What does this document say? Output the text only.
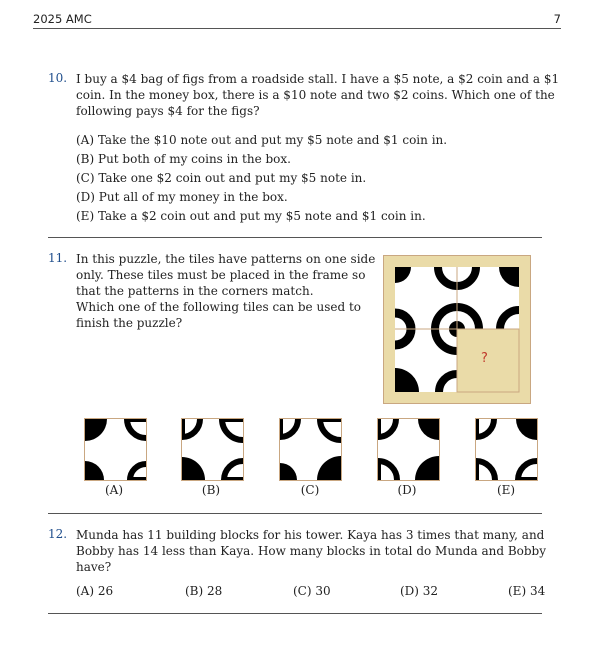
2025 AMC	7
10. I buy a $4 bag of figs from a roadside stall. I have a $5 note, a $2 coin and a $1
coin. In the money box, there is a $10 note and two $2 coins. Which one of the
following pays $4 for the figs?
(A) Take the $10 note out and put my $5 note and $1 coin in.
(B) Put both of my coins in the box.
(C) Take one $2 coin out and put my $5 note in.
(D) Put all of my money in the box.
(E) Take a $2 coin out and put my $5 note and $1 coin in.
11. In this puzzle, the tiles have patterns on one side
only. These tiles must be placed in the frame so
that the patterns in the corners match.
Which one of the following tiles can be used to
finish the puzzle?
?
(A)	(B)	(C)	(D)	(E)
12. Munda has 11 building blocks for his tower. Kaya has 3 times that many, and
Bobby has 14 less than Kaya. How many blocks in total do Munda and Bobby
have?
(A) 26	(B) 28	(C) 30	(D) 32	(E) 34
